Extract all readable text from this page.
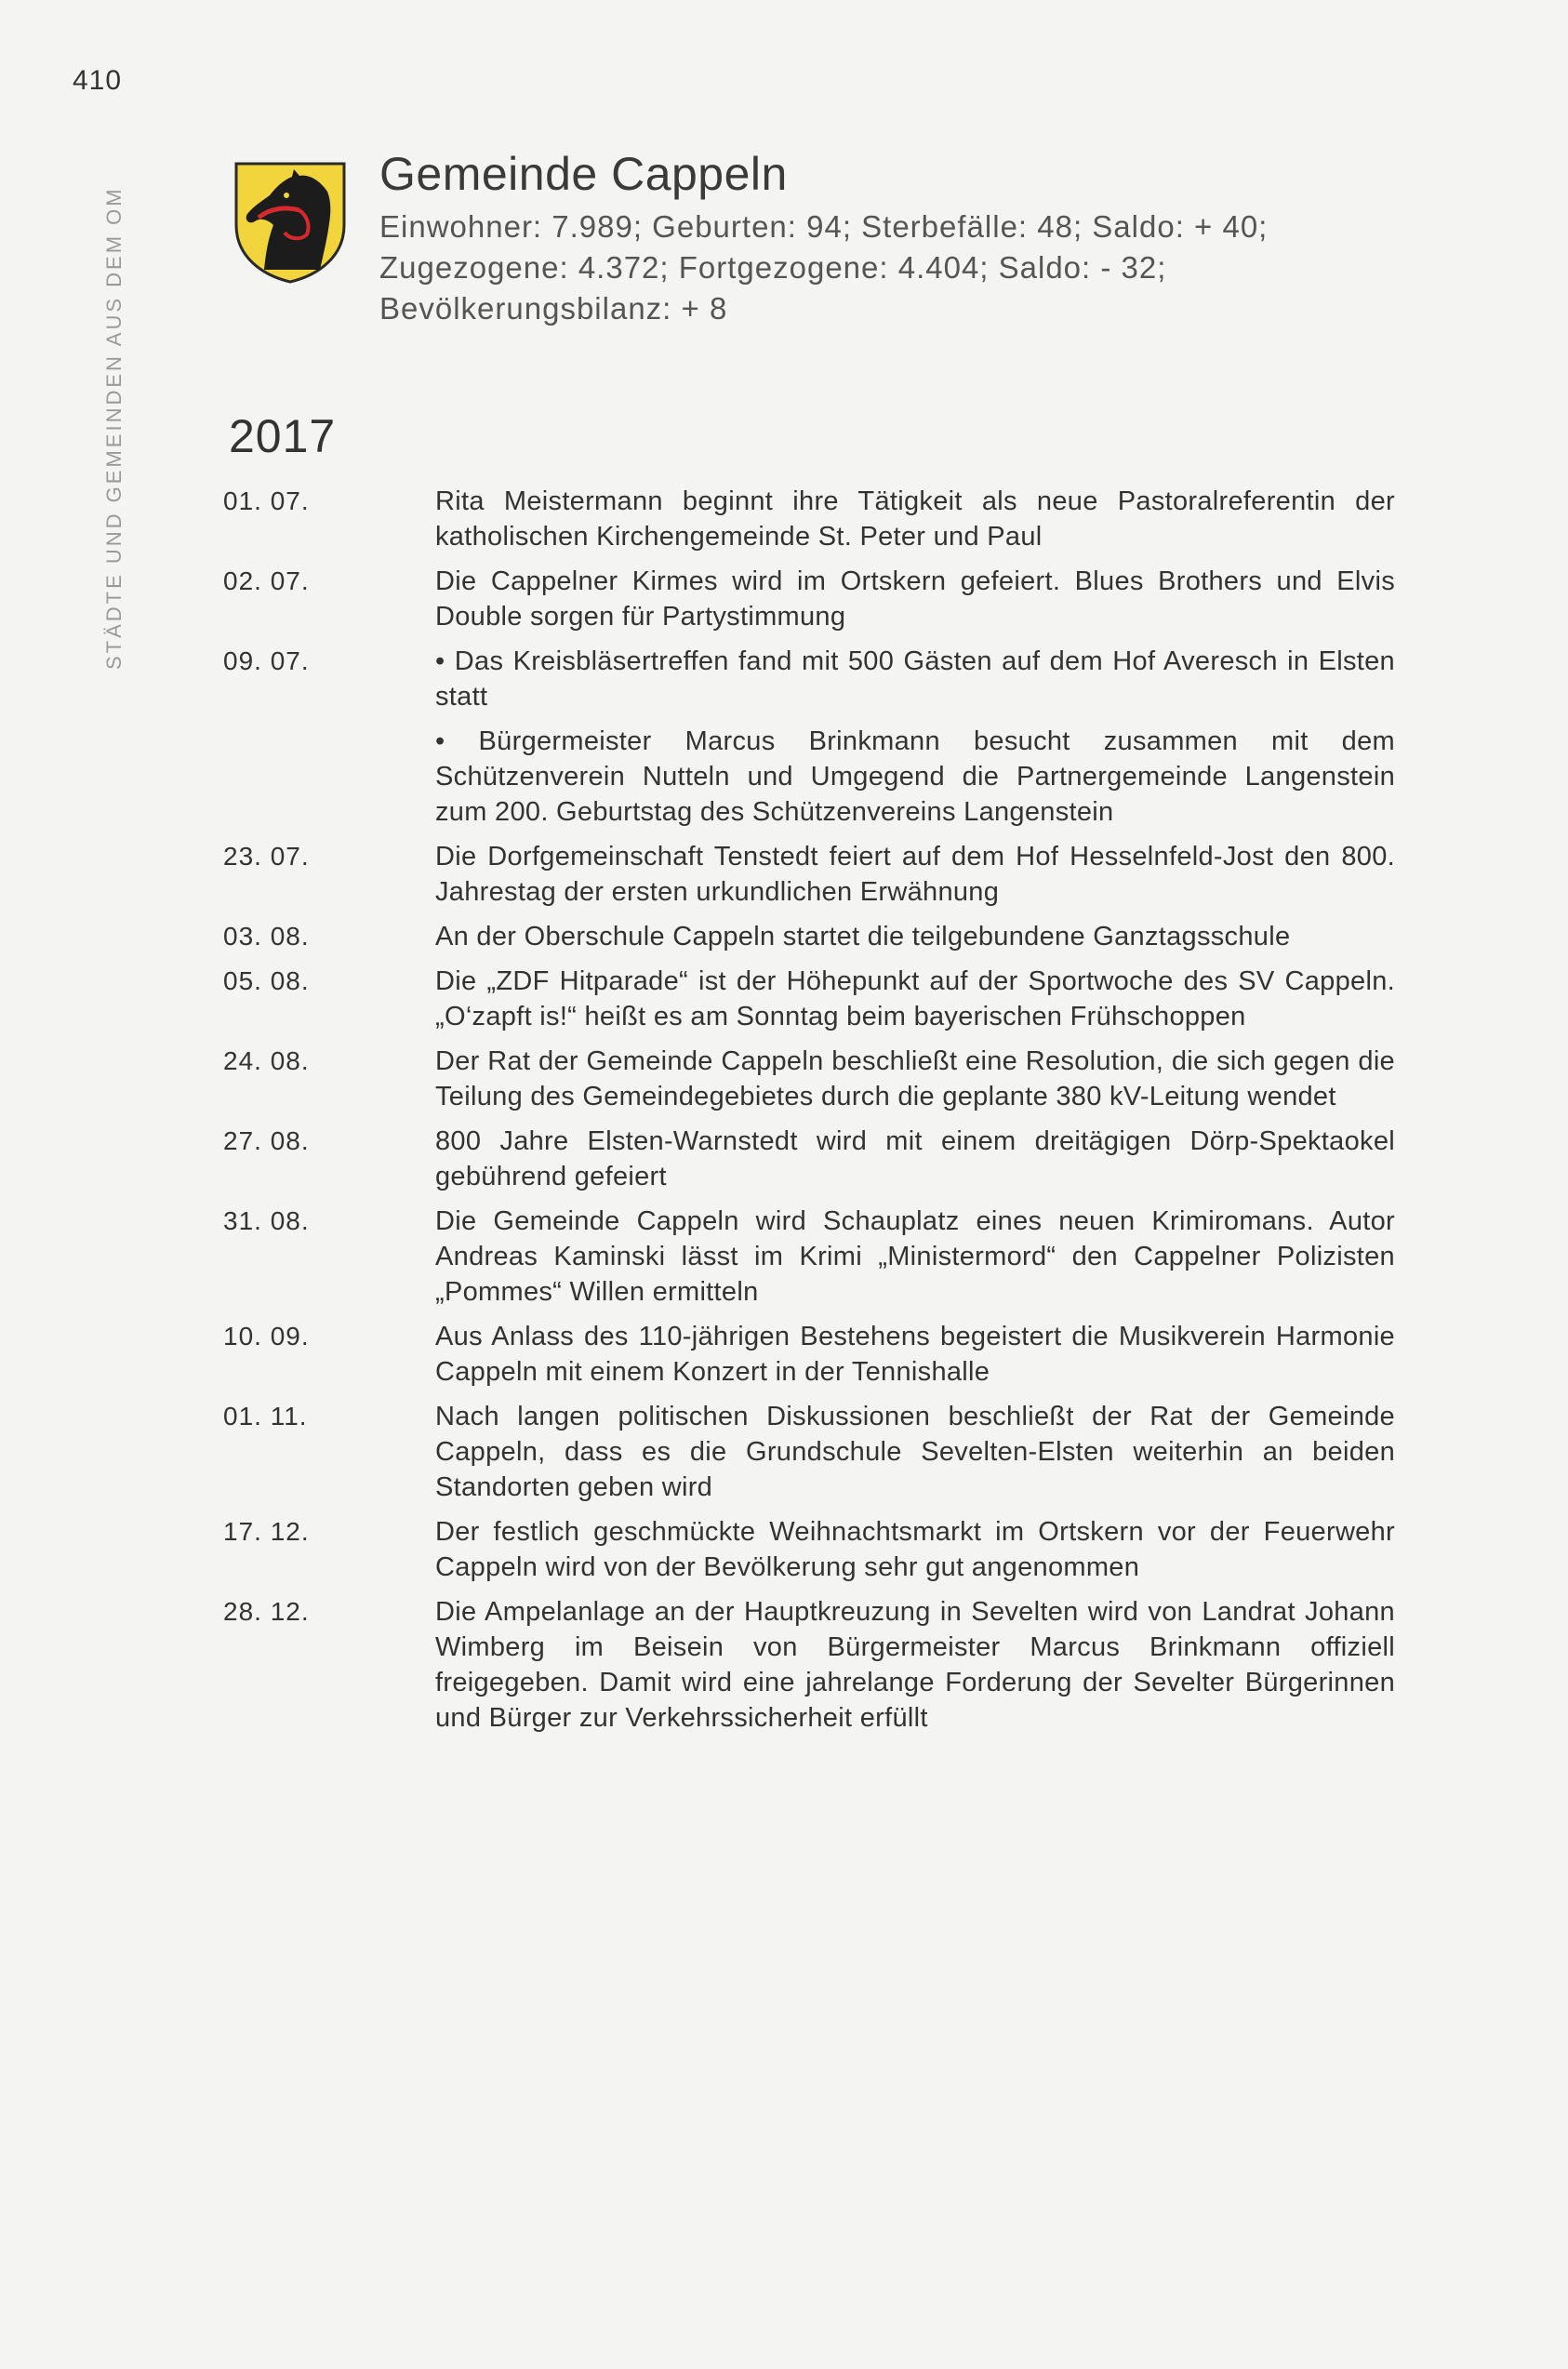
410
STÄDTE UND GEMEINDEN AUS DEM OM
Gemeinde Cappeln
Einwohner: 7.989; Geburten: 94; Sterbefälle: 48; Saldo: + 40;
Zugezogene: 4.372; Fortgezogene: 4.404; Saldo: - 32;
Bevölkerungsbilanz: + 8
2017
01. 07.	Rita Meistermann beginnt ihre Tätigkeit als neue Pastoralreferentin der katholischen Kirchengemeinde St. Peter und Paul

02. 07.	Die Cappelner Kirmes wird im Ortskern gefeiert. Blues Brothers und Elvis Double sorgen für Partystimmung

09. 07.	• Das Kreisbläsertreffen fand mit 500 Gästen auf dem Hof Averesch in Elsten statt

• Bürgermeister Marcus Brinkmann besucht zusammen mit dem Schützenverein Nutteln und Umgegend die Partnergemeinde Langenstein zum 200. Geburtstag des Schützenvereins Langenstein

23. 07.	Die Dorfgemeinschaft Tenstedt feiert auf dem Hof Hesselnfeld-Jost den 800. Jahrestag der ersten urkundlichen Erwähnung

03. 08.	An der Oberschule Cappeln startet die teilgebundene Ganztagsschule

05. 08.	Die „ZDF Hitparade“ ist der Höhepunkt auf der Sportwoche des SV Cappeln. „O‘zapft is!“ heißt es am Sonntag beim bayerischen Frühschoppen

24. 08.	Der Rat der Gemeinde Cappeln beschließt eine Resolution, die sich gegen die Teilung des Gemeindegebietes durch die geplante 380 kV-Leitung wendet

27. 08.	800 Jahre Elsten-Warnstedt wird mit einem dreitägigen Dörp-Spektaokel gebührend gefeiert

31. 08.	Die Gemeinde Cappeln wird Schauplatz eines neuen Krimiromans. Autor Andreas Kaminski lässt im Krimi „Ministermord“ den Cappelner Polizisten „Pommes“ Willen ermitteln

10. 09.	Aus Anlass des 110-jährigen Bestehens begeistert die Musikverein Harmonie Cappeln mit einem Konzert in der Tennishalle

01. 11.	Nach langen politischen Diskussionen beschließt der Rat der Gemeinde Cappeln, dass es die Grundschule Sevelten-Elsten weiterhin an beiden Standorten geben wird

17. 12.	Der festlich geschmückte Weihnachtsmarkt im Ortskern vor der Feuerwehr Cappeln wird von der Bevölkerung sehr gut angenommen

28. 12.	Die Ampelanlage an der Hauptkreuzung in Sevelten wird von Landrat Johann Wimberg im Beisein von Bürgermeister Marcus Brinkmann offiziell freigegeben. Damit wird eine jahrelange Forderung der Sevelter Bürgerinnen und Bürger zur Verkehrssicherheit erfüllt
